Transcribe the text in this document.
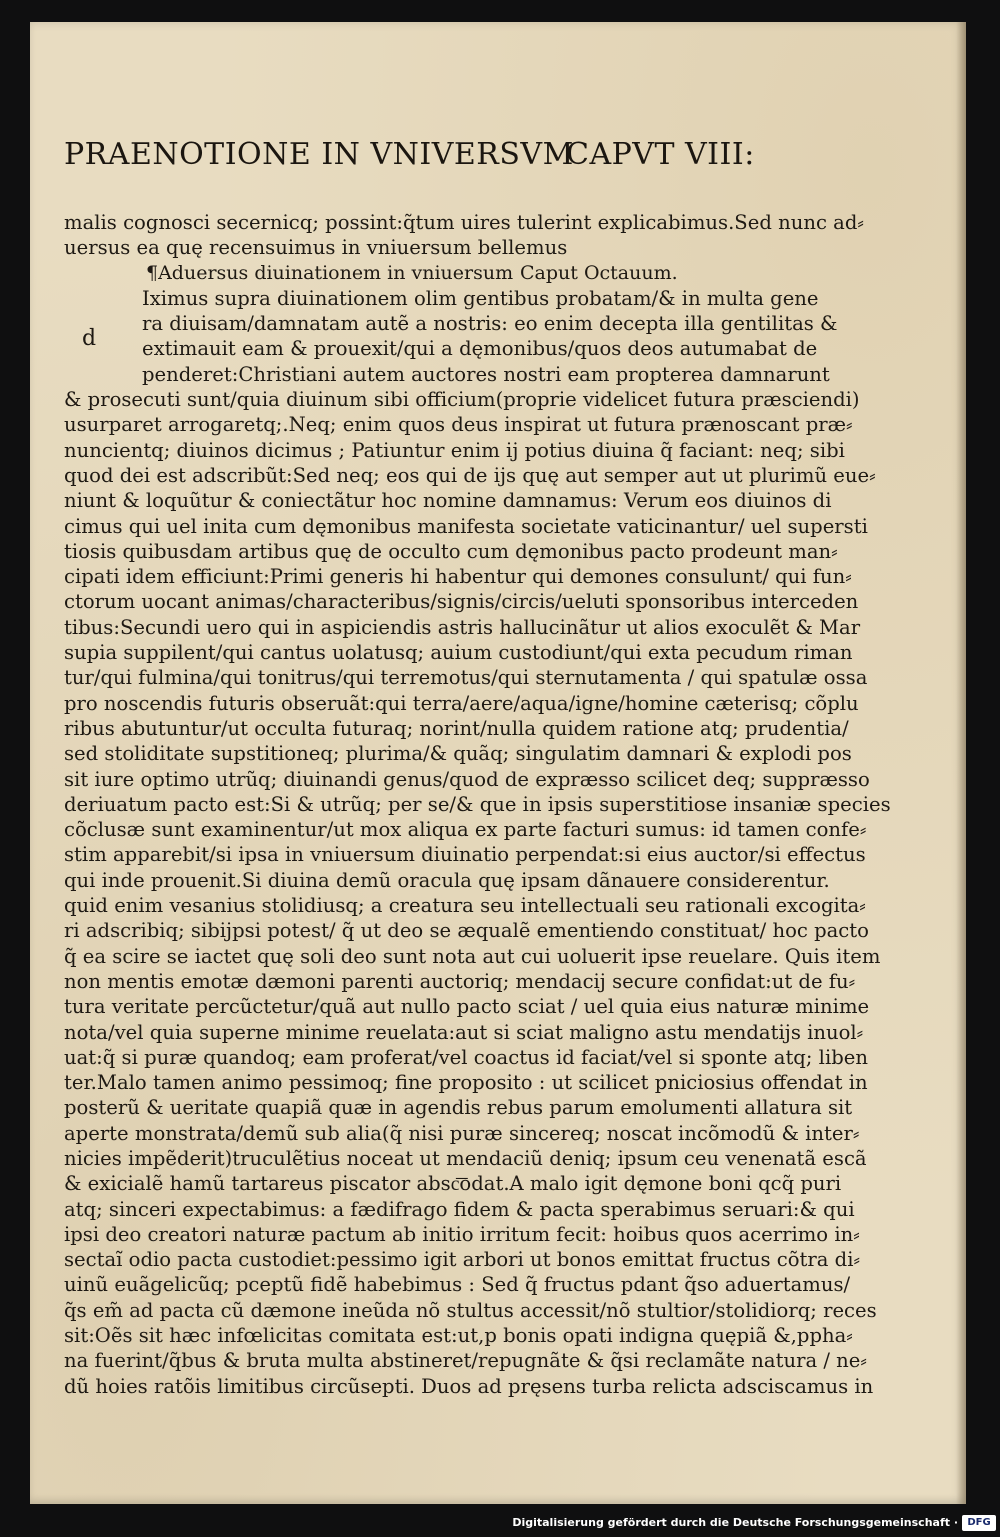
PRAENOTIONE IN VNIVERSVM
CAPVT VIII:
d
malis cognosci secernicq; possint:q̃tum uires tulerint explicabimus.Sed nunc ad⸗
uersus ea quę recensuimus in vniuersum bellemus
¶Aduersus diuinationem in vniuersum Caput Octauum.
Iximus supra diuinationem olim gentibus probatam/& in multa gene
ra diuisam/damnatam autẽ a nostris: eo enim decepta illa gentilitas &
extimauit eam & prouexit/qui a dęmonibus/quos deos autumabat de
penderet:Christiani autem auctores nostri eam propterea damnarunt
& prosecuti sunt/quia diuinum sibi officium(proprie videlicet futura præsciendi)
usurparet arrogaretq;.Neq; enim quos deus inspirat ut futura prænoscant præ⸗
nuncientq; diuinos dicimus ; Patiuntur enim ij potius diuina q̃ faciant: neq; sibi
quod dei est adscribũt:Sed neq; eos qui de ijs quę aut semper aut ut plurimũ eue⸗
niunt & loquũtur & coniectãtur hoc nomine damnamus: Verum eos diuinos di
cimus qui uel inita cum dęmonibus manifesta societate vaticinantur/ uel supersti
tiosis quibusdam artibus quę de occulto cum dęmonibus pacto prodeunt man⸗
cipati idem efficiunt:Primi generis hi habentur qui demones consulunt/ qui fun⸗
ctorum uocant animas/characteribus/signis/circis/ueluti sponsoribus interceden
tibus:Secundi uero qui in aspiciendis astris hallucinãtur ut alios exoculẽt & Mar
supia suppilent/qui cantus uolatusq; auium custodiunt/qui exta pecudum riman
tur/qui fulmina/qui tonitrus/qui terremotus/qui sternutamenta / qui spatulæ ossa
pro noscendis futuris obseruãt:qui terra/aere/aqua/igne/homine cæterisq; cõplu
ribus abutuntur/ut occulta futuraq; norint/nulla quidem ratione atq; prudentia/
sed stoliditate supstitioneq; plurima/& quãq; singulatim damnari & explodi pos
sit iure optimo utrũq; diuinandi genus/quod de expræsso scilicet deq; suppræsso
deriuatum pacto est:Si & utrũq; per se/& que in ipsis superstitiose insaniæ species
cõclusæ sunt examinentur/ut mox aliqua ex parte facturi sumus: id tamen confe⸗
stim apparebit/si ipsa in vniuersum diuinatio perpendat:si eius auctor/si effectus
qui inde prouenit.Si diuina demũ oracula quę ipsam dãnauere considerentur.
quid enim vesanius stolidiusq; a creatura seu intellectuali seu rationali excogita⸗
ri adscribiq; sibijpsi potest/ q̃ ut deo se æqualẽ ementiendo constituat/ hoc pacto
q̃ ea scire se iactet quę soli deo sunt nota aut cui uoluerit ipse reuelare. Quis item
non mentis emotæ dæmoni parenti auctoriq; mendacij secure confidat:ut de fu⸗
tura veritate percũctetur/quã aut nullo pacto sciat / uel quia eius naturæ minime
nota/vel quia superne minime reuelata:aut si sciat maligno astu mendatijs inuol⸗
uat:q̃ si puræ quandoq; eam proferat/vel coactus id faciat/vel si sponte atq; liben
ter.Malo tamen animo pessimoq; fine proposito : ut scilicet pniciosius offendat in
posterũ & ueritate quapiã quæ in agendis rebus parum emolumenti allatura sit
aperte monstrata/demũ sub alia(q̃ nisi puræ sincereq; noscat incõmodũ & inter⸗
nicies impẽderit)truculẽtius noceat ut mendaciũ deniq; ipsum ceu venenatã escã
& exicialẽ hamũ tartareus piscator absc͞odat.A malo igit dęmone boni qcq̃ puri
atq; sinceri expectabimus: a fædifrago fidem & pacta sperabimus seruari:& qui
ipsi deo creatori naturæ pactum ab initio irritum fecit: hoibus quos acerrimo in⸗
sectaĩ odio pacta custodiet:pessimo igit arbori ut bonos emittat fructus cõtra di⸗
uinũ euãgelicũq; pceptũ fidẽ habebimus : Sed q̃ fructus pdant q̃so aduertamus/
q̃s em̃ ad pacta cũ dæmone ineũda nõ stultus accessit/nõ stultior/stolidiorq; reces
sit:Oẽs sit hæc infœlicitas comitata est:ut,p bonis opati indigna quępiã &,ppha⸗
na fuerint/q̃bus & bruta multa abstineret/repugnãte & q̃si reclamãte natura / ne⸗
dũ hoies ratõis limitibus circũsepti. Duos ad pręsens turba relicta adsciscamus in
Digitalisierung gefördert durch die Deutsche Forschungsgemeinschaft · DFG
